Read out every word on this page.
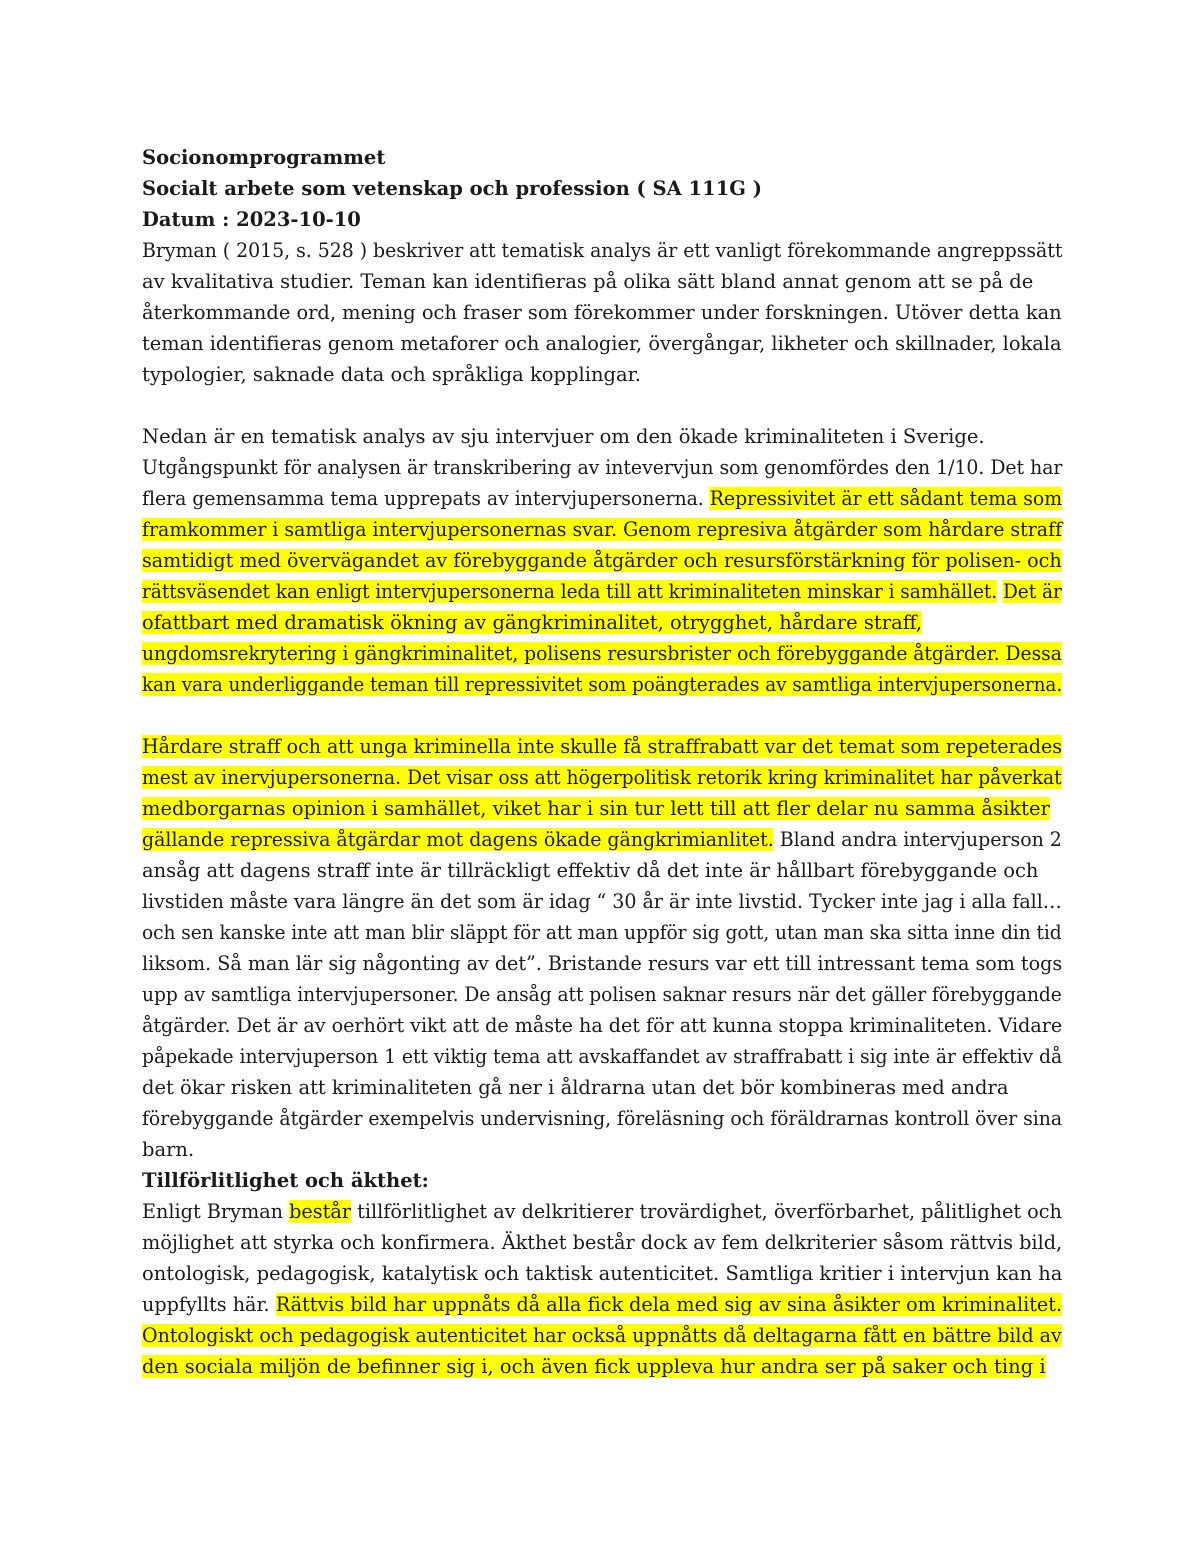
Socionomprogrammet
Socialt arbete som vetenskap och profession ( SA 111G )
Datum : 2023-10-10
Bryman ( 2015, s. 528 ) beskriver att tematisk analys är ett vanligt förekommande angreppssätt
av kvalitativa studier. Teman kan identifieras på olika sätt bland annat genom att se på de
återkommande ord, mening och fraser som förekommer under forskningen. Utöver detta kan
teman identifieras genom metaforer och analogier, övergångar, likheter och skillnader, lokala
typologier, saknade data och språkliga kopplingar.
Nedan är en tematisk analys av sju intervjuer om den ökade kriminaliteten i Sverige.
Utgångspunkt för analysen är transkribering av intevervjun som genomfördes den 1/10. Det har
flera gemensamma tema upprepats av intervjupersonerna. Repressivitet är ett sådant tema som
framkommer i samtliga intervjupersonernas svar. Genom represiva åtgärder som hårdare straff
samtidigt med övervägandet av förebyggande åtgärder och resursförstärkning för polisen- och
rättsväsendet kan enligt intervjupersonerna leda till att kriminaliteten minskar i samhället. Det är
ofattbart med dramatisk ökning av gängkriminalitet, otrygghet, hårdare straff,
ungdomsrekrytering i gängkriminalitet, polisens resursbrister och förebyggande åtgärder. Dessa
kan vara underliggande teman till repressivitet som poängterades av samtliga intervjupersonerna.
Hårdare straff och att unga kriminella inte skulle få straffrabatt var det temat som repeterades
mest av inervjupersonerna. Det visar oss att högerpolitisk retorik kring kriminalitet har påverkat
medborgarnas opinion i samhället, viket har i sin tur lett till att fler delar nu samma åsikter
gällande repressiva åtgärdar mot dagens ökade gängkrimianlitet. Bland andra intervjuperson 2
ansåg att dagens straff inte är tillräckligt effektiv då det inte är hållbart förebyggande och
livstiden måste vara längre än det som är idag “ 30 år är inte livstid. Tycker inte jag i alla fall…
och sen kanske inte att man blir släppt för att man uppför sig gott, utan man ska sitta inne din tid
liksom. Så man lär sig någonting av det”. Bristande resurs var ett till intressant tema som togs
upp av samtliga intervjupersoner. De ansåg att polisen saknar resurs när det gäller förebyggande
åtgärder. Det är av oerhört vikt att de måste ha det för att kunna stoppa kriminaliteten. Vidare
påpekade intervjuperson 1 ett viktig tema att avskaffandet av straffrabatt i sig inte är effektiv då
det ökar risken att kriminaliteten gå ner i åldrarna utan det bör kombineras med andra
förebyggande åtgärder exempelvis undervisning, föreläsning och föräldrarnas kontroll över sina
barn.
Tillförlitlighet och äkthet:
Enligt Bryman består tillförlitlighet av delkritierer trovärdighet, överförbarhet, pålitlighet och
möjlighet att styrka och konfirmera. Äkthet består dock av fem delkriterier såsom rättvis bild,
ontologisk, pedagogisk, katalytisk och taktisk autenticitet. Samtliga kritier i intervjun kan ha
uppfyllts här. Rättvis bild har uppnåts då alla fick dela med sig av sina åsikter om kriminalitet.
Ontologiskt och pedagogisk autenticitet har också uppnåtts då deltagarna fått en bättre bild av
den sociala miljön de befinner sig i, och även fick uppleva hur andra ser på saker och ting i
